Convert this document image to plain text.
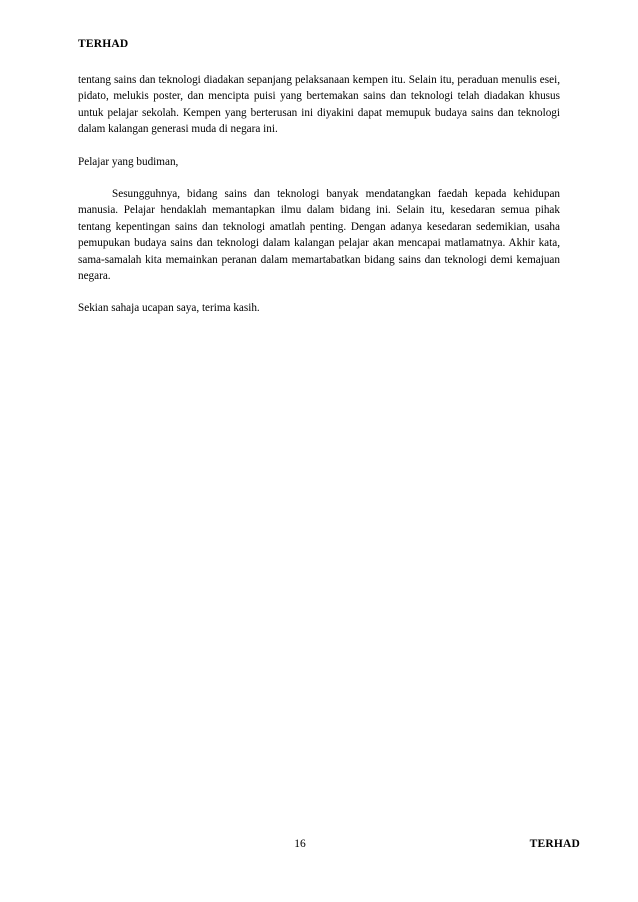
TERHAD

tentang sains dan teknologi diadakan sepanjang pelaksanaan kempen itu. Selain itu, peraduan menulis esei, pidato, melukis poster, dan mencipta puisi yang bertemakan sains dan teknologi telah diadakan khusus untuk pelajar sekolah. Kempen yang berterusan ini diyakini dapat memupuk budaya sains dan teknologi dalam kalangan generasi muda di negara ini.

Pelajar yang budiman,

Sesungguhnya, bidang sains dan teknologi banyak mendatangkan faedah kepada kehidupan manusia. Pelajar hendaklah memantapkan ilmu dalam bidang ini. Selain itu, kesedaran semua pihak tentang kepentingan sains dan teknologi amatlah penting. Dengan adanya kesedaran sedemikian, usaha pemupukan budaya sains dan teknologi dalam kalangan pelajar akan mencapai matlamatnya. Akhir kata, sama-samalah kita memainkan peranan dalam memartabatkan bidang sains dan teknologi demi kemajuan negara.

Sekian sahaja ucapan saya, terima kasih.

16	TERHAD
